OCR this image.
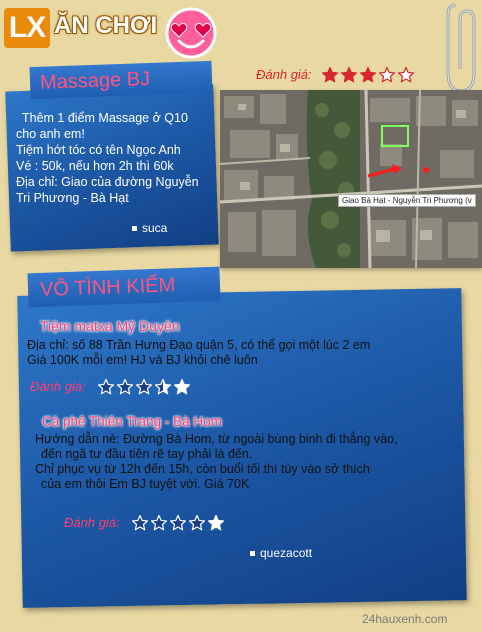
LX ĂN CHƠI
Massage BJ
Thêm 1 điểm Massage ở Q10
cho anh em!
Tiệm hớt tóc có tên Ngọc Anh
Vé : 50k, nếu hơn 2h thì 60k
Địa chỉ: Giao của đường Nguyễn
Tri Phương - Bà Hạt
suca
Đánh giá:
Giao Bà Hạt - Nguyễn Tri Phương (v
VÔ TÌNH KIẾM
Tiệm matxa Mỹ Duyên
Địa chỉ: số 88 Trần Hưng Đạo quận 5, có thể gọi một lúc 2 em
Giá 100K mỗi em! HJ và BJ khỏi chê luôn
Đánh giá:
Cà phê Thiên Trang - Bà Hom
Hướng dẫn nè: Đường Bà Hom, từ ngoài bùng binh đi thẳng vào,
đến ngã tư đầu tiên rẽ tay phải là đến.
Chỉ phục vụ từ 12h đến 15h, còn buổi tối thì tùy vào sở thích
của em thôi Em BJ tuyệt vời. Giá 70K
Đánh giá:
quezacott
24hauxenh.com
